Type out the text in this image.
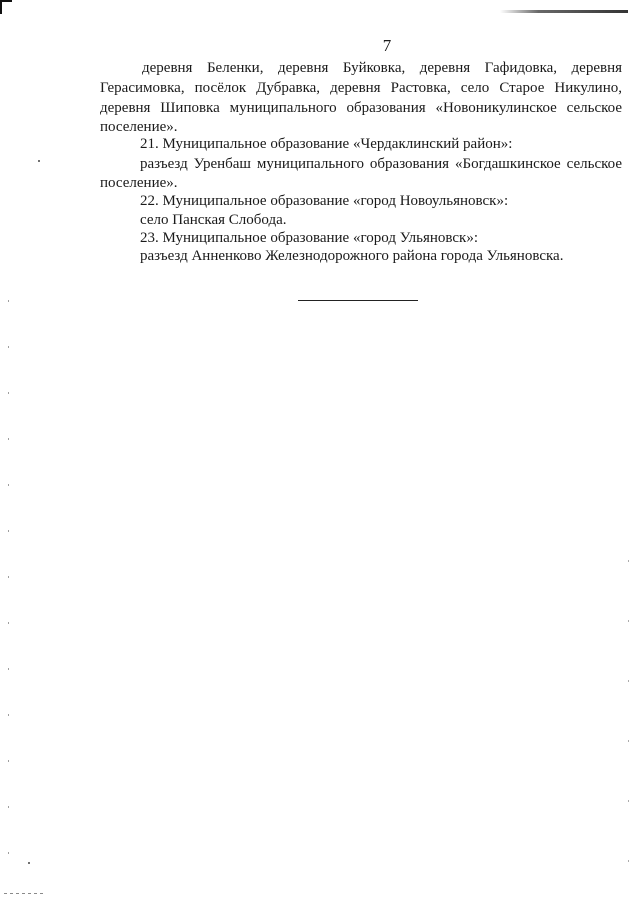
7
деревня Беленки, деревня Буйковка, деревня Гафидовка, деревня
Герасимовка, посёлок Дубравка, деревня Растовка, село Старое Никулино,
деревня Шиповка муниципального образования «Новоникулинское сельское
поселение».
21. Муниципальное образование «Чердаклинский район»:
разъезд Уренбаш муниципального образования «Богдашкинское сельское
поселение».
22. Муниципальное образование «город Новоульяновск»:
село Панская Слобода.
23. Муниципальное образование «город Ульяновск»:
разъезд Анненково Железнодорожного района города Ульяновска.
